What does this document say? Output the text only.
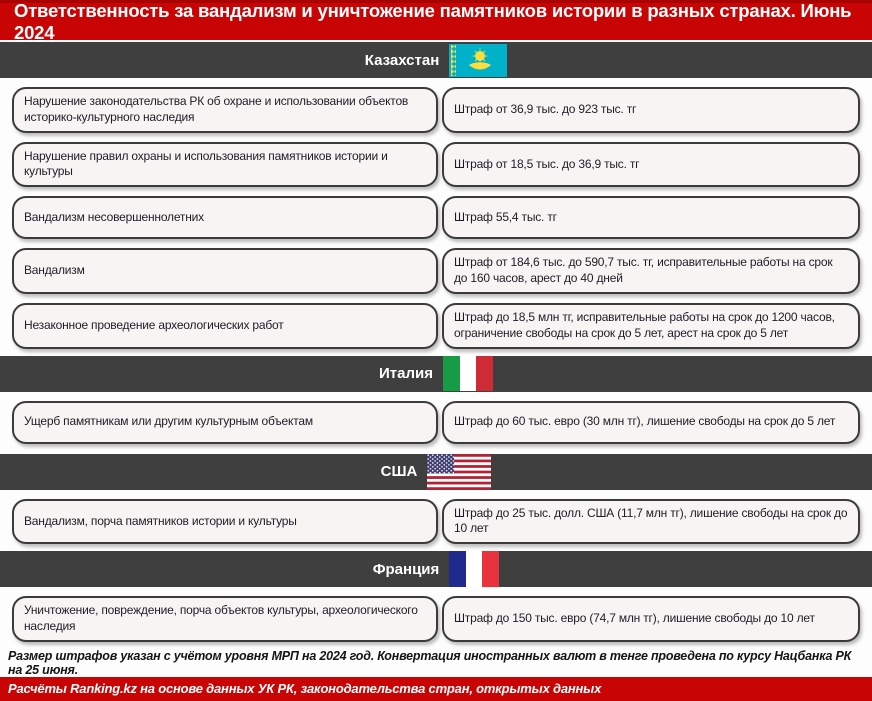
Ответственность за вандализм и уничтожение памятников истории в разных странах. Июнь 2024
Казахстан
Нарушение законодательства РК об охране и использовании объектов историко-культурного наследия
Штраф от 36,9 тыс. до 923 тыс. тг
Нарушение правил охраны и использования памятников истории и культуры
Штраф от 18,5 тыс. до 36,9 тыс. тг
Вандализм несовершеннолетних	Штраф 55,4 тыс. тг
Вандализм
Штраф от 184,6 тыс. до 590,7 тыс. тг, исправительные работы на срок до 160 часов, арест до 40 дней
Незаконное проведение археологических работ
Штраф до 18,5 млн тг, исправительные работы на срок до 1200 часов, ограничение свободы на срок до 5 лет, арест на срок до 5 лет
Италия
Ущерб памятникам или другим культурным объектам	Штраф до 60 тыс. евро (30 млн тг), лишение свободы на срок до 5 лет
США
Вандализм, порча памятников истории и культуры
Штраф до 25 тыс. долл. США (11,7 млн тг), лишение свободы на срок до 10 лет
Франция
Уничтожение, повреждение, порча объектов культуры, археологического наследия
Штраф до 150 тыс. евро (74,7 млн тг), лишение свободы до 10 лет
Размер штрафов указан с учётом уровня МРП на 2024 год. Конвертация иностранных валют в тенге проведена по курсу Нацбанка РК на 25 июня.
Расчёты Ranking.kz на основе данных УК РК, законодательства стран, открытых данных
